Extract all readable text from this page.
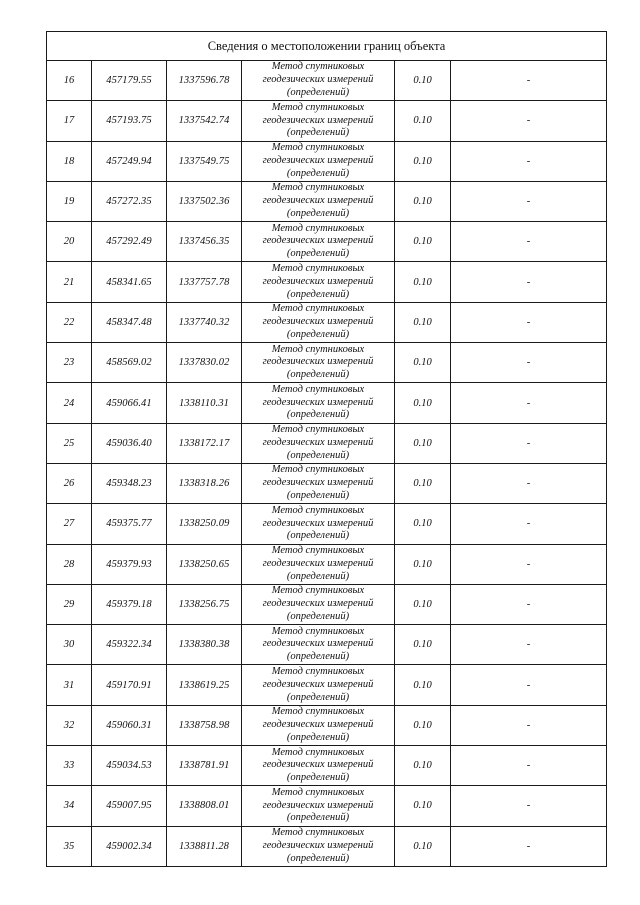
Сведения о местоположении границ объекта					
16	457179.55	1337596.78	Метод спутниковых
геодезических измерений
(определений)	0.10	-
17	457193.75	1337542.74	Метод спутниковых
геодезических измерений
(определений)	0.10	-
18	457249.94	1337549.75	Метод спутниковых
геодезических измерений
(определений)	0.10	-
19	457272.35	1337502.36	Метод спутниковых
геодезических измерений
(определений)	0.10	-
20	457292.49	1337456.35	Метод спутниковых
геодезических измерений
(определений)	0.10	-
21	458341.65	1337757.78	Метод спутниковых
геодезических измерений
(определений)	0.10	-
22	458347.48	1337740.32	Метод спутниковых
геодезических измерений
(определений)	0.10	-
23	458569.02	1337830.02	Метод спутниковых
геодезических измерений
(определений)	0.10	-
24	459066.41	1338110.31	Метод спутниковых
геодезических измерений
(определений)	0.10	-
25	459036.40	1338172.17	Метод спутниковых
геодезических измерений
(определений)	0.10	-
26	459348.23	1338318.26	Метод спутниковых
геодезических измерений
(определений)	0.10	-
27	459375.77	1338250.09	Метод спутниковых
геодезических измерений
(определений)	0.10	-
28	459379.93	1338250.65	Метод спутниковых
геодезических измерений
(определений)	0.10	-
29	459379.18	1338256.75	Метод спутниковых
геодезических измерений
(определений)	0.10	-
30	459322.34	1338380.38	Метод спутниковых
геодезических измерений
(определений)	0.10	-
31	459170.91	1338619.25	Метод спутниковых
геодезических измерений
(определений)	0.10	-
32	459060.31	1338758.98	Метод спутниковых
геодезических измерений
(определений)	0.10	-
33	459034.53	1338781.91	Метод спутниковых
геодезических измерений
(определений)	0.10	-
34	459007.95	1338808.01	Метод спутниковых
геодезических измерений
(определений)	0.10	-
35	459002.34	1338811.28	Метод спутниковых
геодезических измерений
(определений)	0.10	-
